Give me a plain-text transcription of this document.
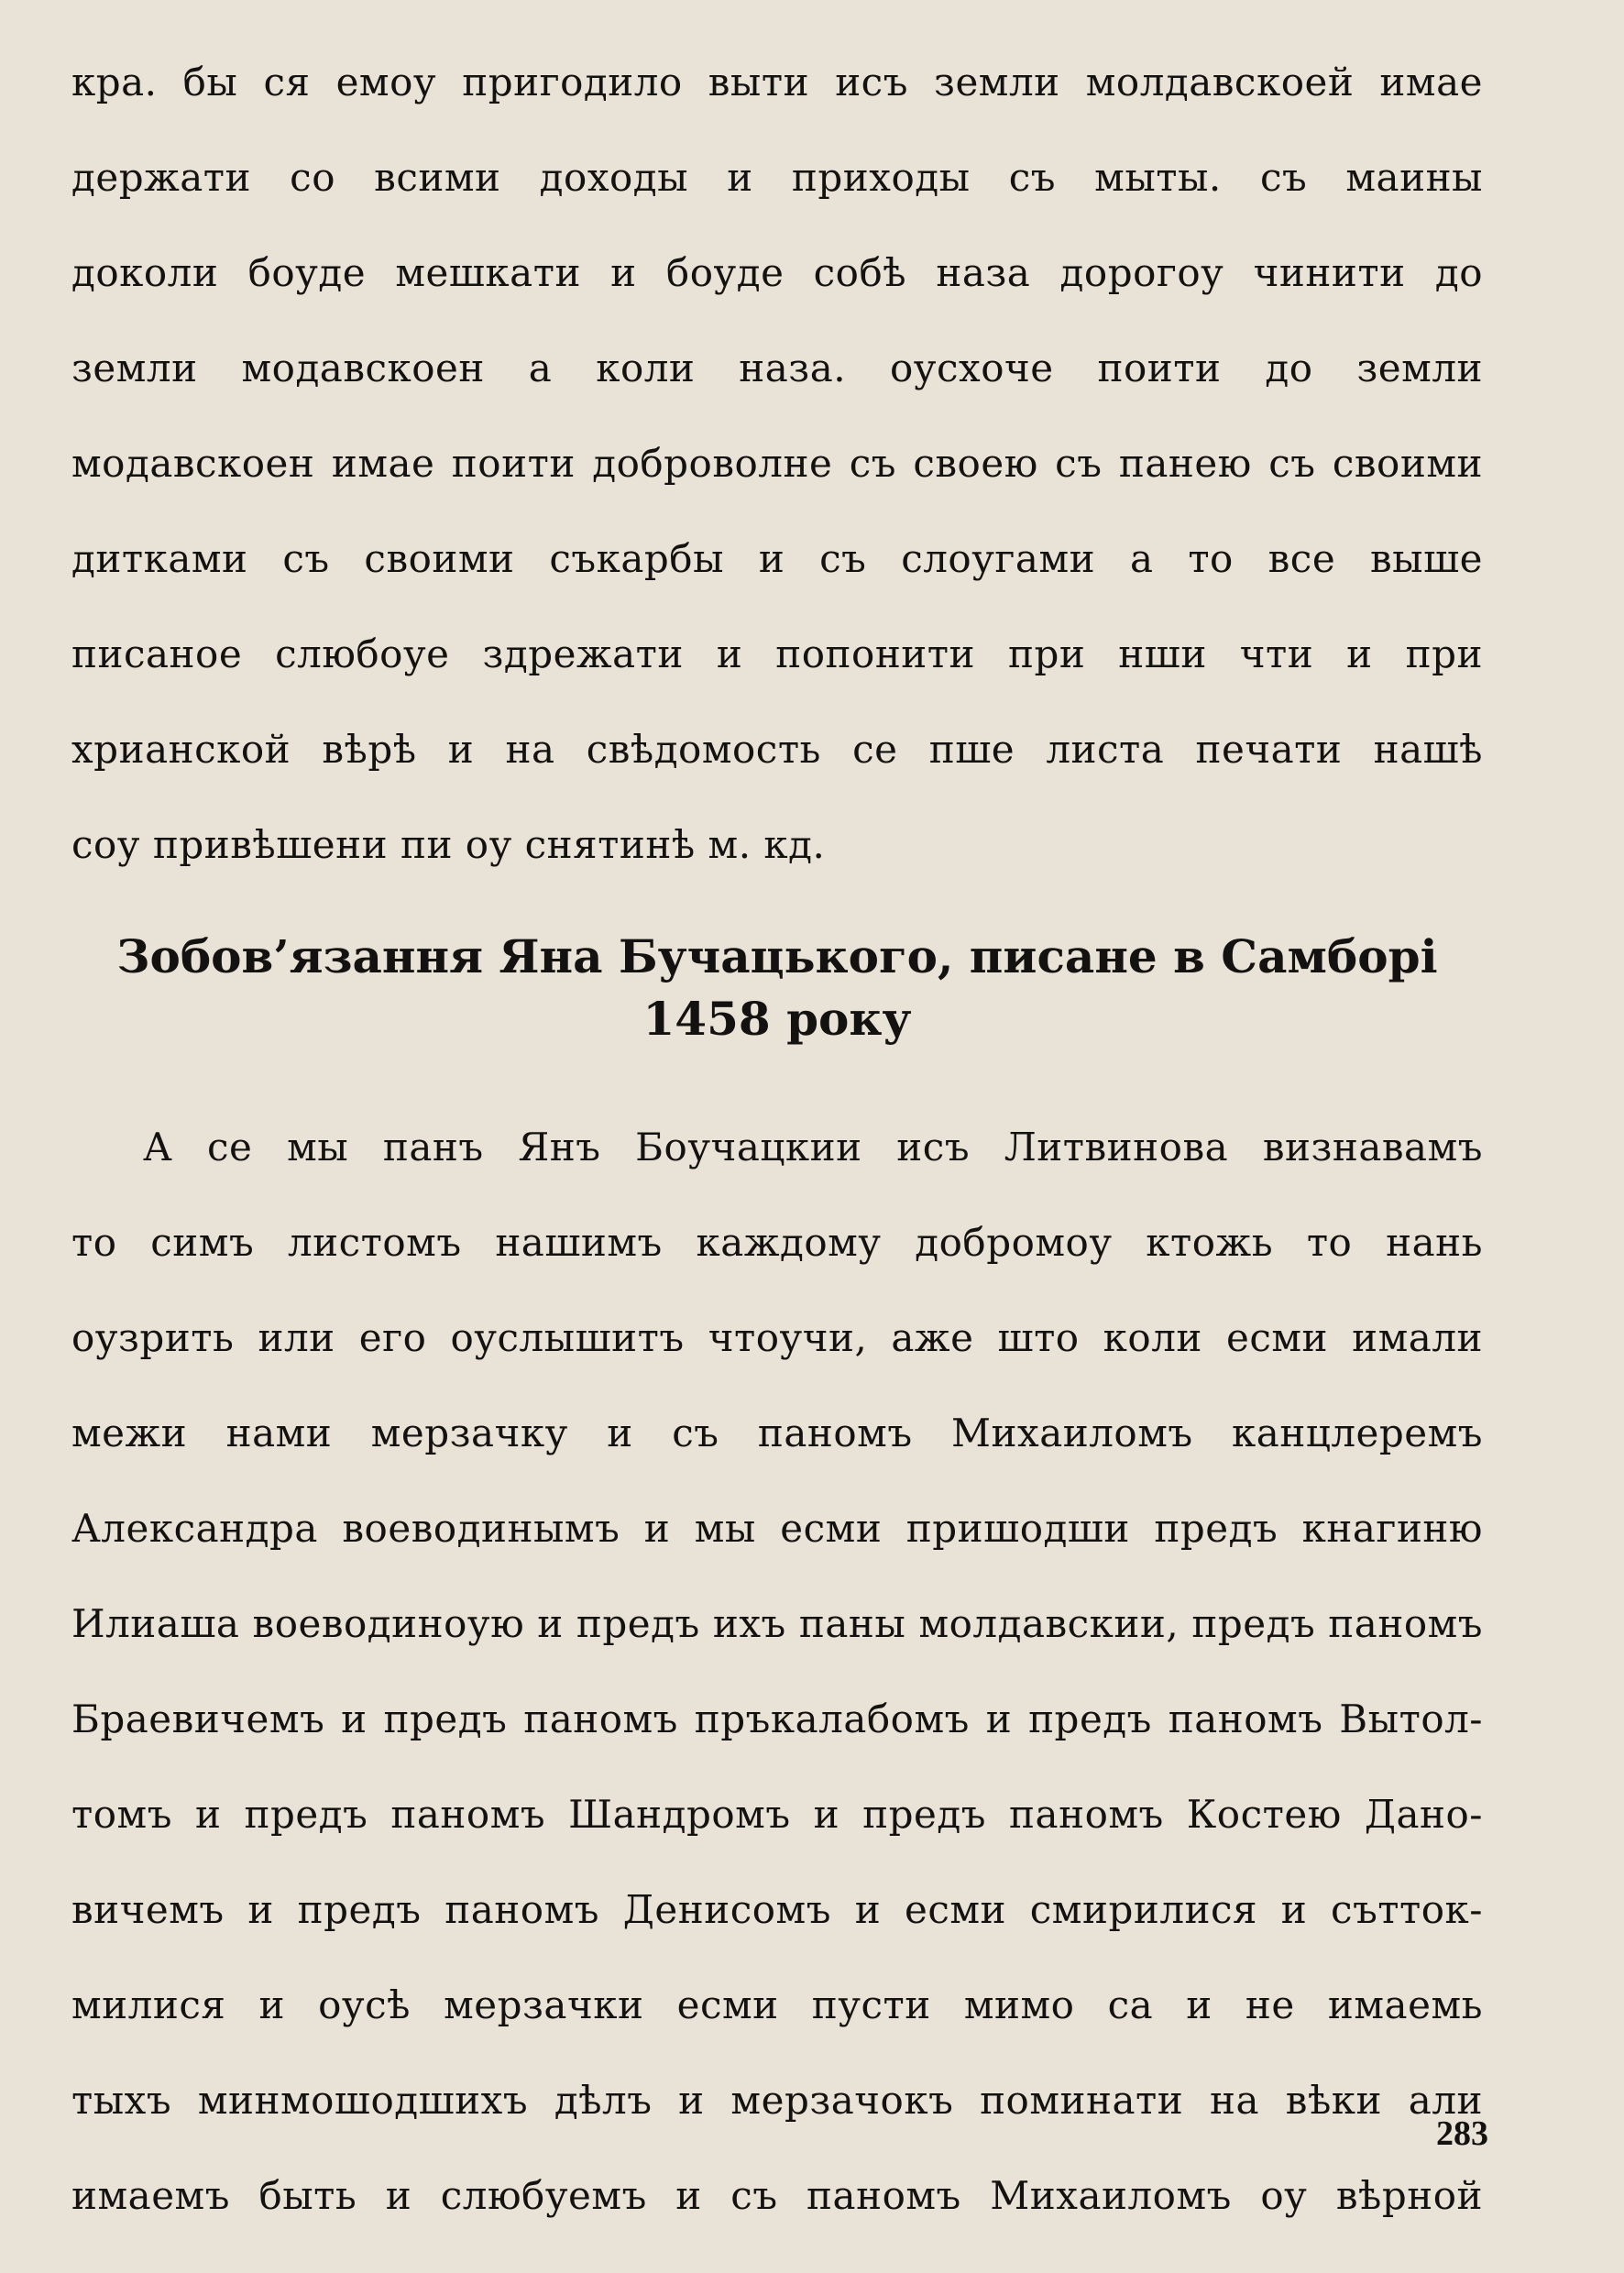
кра. бы ся емоу пригодило выти исъ земли молдавскоей имае
держати со всими доходы и приходы съ мыты. съ маины
доколи боуде мешкати и боуде собѣ наза дорогоу чинити до
земли модавскоен а коли наза. оусхоче поити до земли
модавскоен имае поити доброволне съ своею съ панею съ своими
дитками съ своими съкарбы и съ слоугами а то все выше
писаное слюбоуе здрежати и попонити при нши чти и при
хрианской вѣрѣ и на свѣдомость се пше листа печати нашѣ
соу привѣшени пи оу снятинѣ м. кд.
Зобов’язання Яна Бучацького, писане в Самборі
1458 року
А се мы панъ Янъ Боучацкии исъ Литвинова визнавамъ
то симъ листомъ нашимъ каждому добромоу ктожь то нань
оузрить или его оуслышитъ чтоучи, аже што коли есми имали
межи нами мерзачку и съ паномъ Михаиломъ канцлеремъ
Александра воеводинымъ и мы есми пришодши предъ кнагиню
Илиаша воеводиноую и предъ ихъ паны молдавскии, предъ паномъ
Браевичемъ и предъ паномъ пръкалабомъ и предъ паномъ Вытол-
томъ и предъ паномъ Шандромъ и предъ паномъ Костею Дано-
вичемъ и предъ паномъ Денисомъ и есми смирилися и сътток-
милися и оусѣ мерзачки есми пусти мимо са и не имаемь
тыхъ минмошодшихъ дѣлъ и мерзачокъ поминати на вѣки али
имаемъ быть и слюбуемъ и съ паномъ Михаиломъ оу вѣрной
283
